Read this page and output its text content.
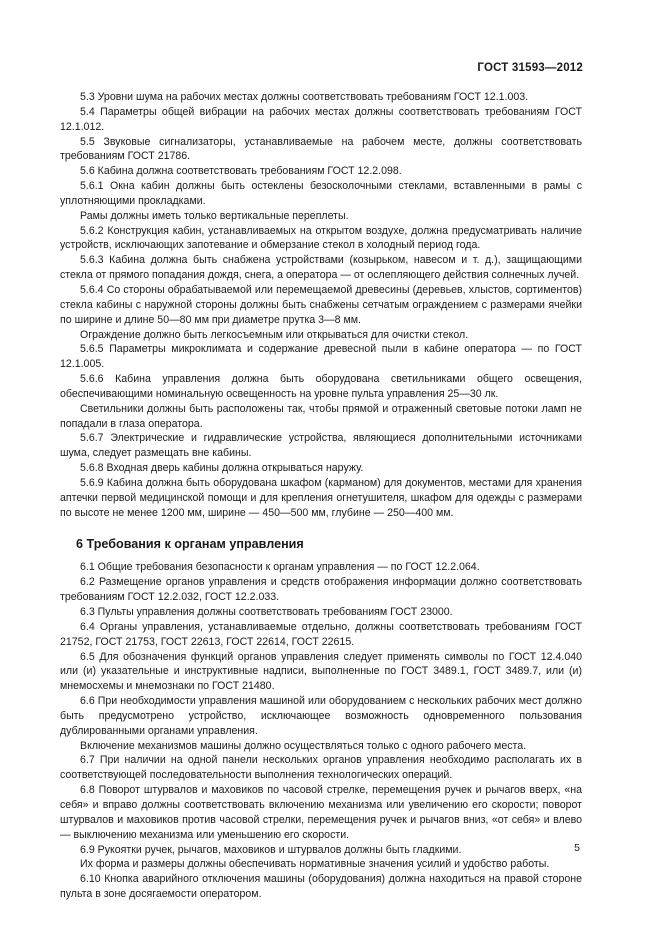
ГОСТ 31593—2012

5.3 Уровни шума на рабочих местах должны соответствовать требованиям ГОСТ 12.1.003.

5.4 Параметры общей вибрации на рабочих местах должны соответствовать требованиям ГОСТ 12.1.012.

5.5 Звуковые сигнализаторы, устанавливаемые на рабочем месте, должны соответствовать требованиям ГОСТ 21786.

5.6 Кабина должна соответствовать требованиям ГОСТ 12.2.098.

5.6.1 Окна кабин должны быть остеклены безосколочными стеклами, вставленными в рамы с уплотняющими прокладками.

Рамы должны иметь только вертикальные переплеты.

5.6.2 Конструкция кабин, устанавливаемых на открытом воздухе, должна предусматривать наличие устройств, исключающих запотевание и обмерзание стекол в холодный период года.

5.6.3 Кабина должна быть снабжена устройствами (козырьком, навесом и т. д.), защищающими стекла от прямого попадания дождя, снега, а оператора — от ослепляющего действия солнечных лучей.

5.6.4 Со стороны обрабатываемой или перемещаемой древесины (деревьев, хлыстов, сортиментов) стекла кабины с наружной стороны должны быть снабжены сетчатым ограждением с размерами ячейки по ширине и длине 50—80 мм при диаметре прутка 3—8 мм.

Ограждение должно быть легкосъемным или открываться для очистки стекол.

5.6.5 Параметры микроклимата и содержание древесной пыли в кабине оператора — по ГОСТ 12.1.005.

5.6.6 Кабина управления должна быть оборудована светильниками общего освещения, обеспечивающими номинальную освещенность на уровне пульта управления 25—30 лк.

Светильники должны быть расположены так, чтобы прямой и отраженный световые потоки ламп не попадали в глаза оператора.

5.6.7 Электрические и гидравлические устройства, являющиеся дополнительными источниками шума, следует размещать вне кабины.

5.6.8 Входная дверь кабины должна открываться наружу.

5.6.9 Кабина должна быть оборудована шкафом (карманом) для документов, местами для хранения аптечки первой медицинской помощи и для крепления огнетушителя, шкафом для одежды с размерами по высоте не менее 1200 мм, ширине — 450—500 мм, глубине — 250—400 мм.

6 Требования к органам управления

6.1 Общие требования безопасности к органам управления — по ГОСТ 12.2.064.

6.2 Размещение органов управления и средств отображения информации должно соответствовать требованиям ГОСТ 12.2.032, ГОСТ 12.2.033.

6.3 Пульты управления должны соответствовать требованиям ГОСТ 23000.

6.4 Органы управления, устанавливаемые отдельно, должны соответствовать требованиям ГОСТ 21752, ГОСТ 21753, ГОСТ 22613, ГОСТ 22614, ГОСТ 22615.

6.5 Для обозначения функций органов управления следует применять символы по ГОСТ 12.4.040 или (и) указательные и инструктивные надписи, выполненные по ГОСТ 3489.1, ГОСТ 3489.7, или (и) мнемосхемы и мнемознаки по ГОСТ 21480.

6.6 При необходимости управления машиной или оборудованием с нескольких рабочих мест должно быть предусмотрено устройство, исключающее возможность одновременного пользования дублированными органами управления.

Включение механизмов машины должно осуществляться только с одного рабочего места.

6.7 При наличии на одной панели нескольких органов управления необходимо располагать их в соответствующей последовательности выполнения технологических операций.

6.8 Поворот штурвалов и маховиков по часовой стрелке, перемещения ручек и рычагов вверх, «на себя» и вправо должны соответствовать включению механизма или увеличению его скорости; поворот штурвалов и маховиков против часовой стрелки, перемещения ручек и рычагов вниз, «от себя» и влево — выключению механизма или уменьшению его скорости.

6.9 Рукоятки ручек, рычагов, маховиков и штурвалов должны быть гладкими.

Их форма и размеры должны обеспечивать нормативные значения усилий и удобство работы.

6.10 Кнопка аварийного отключения машины (оборудования) должна находиться на правой стороне пульта в зоне досягаемости оператором.

5
